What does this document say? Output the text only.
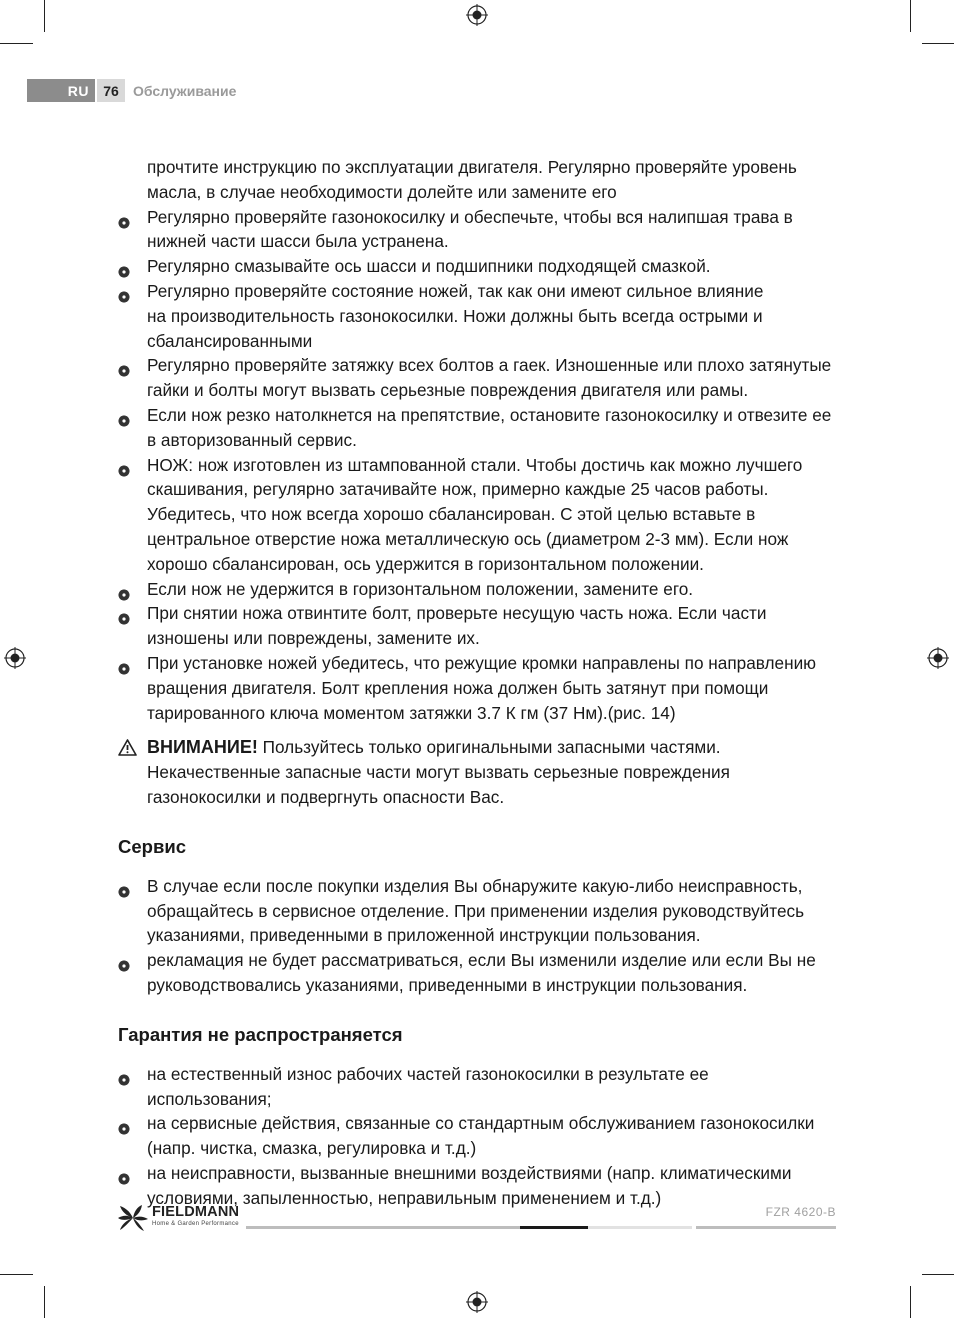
RU	76	Обслуживание
прочтите инструкцию по эксплуатации двигателя. Регулярно проверяйте уровень
масла, в случае необходимости долейте или замените его
Регулярно проверяйте газонокосилку и обеспечьте, чтобы вся налипшая трава в
нижней части шасси была устранена.
Регулярно смазывайте ось шасси и подшипники подходящей смазкой.
Регулярно проверяйте состояние ножей, так как они имеют сильное влияние
на производительность газонокосилки. Ножи должны быть всегда острыми и
сбалансированными
Регулярно проверяйте затяжку всех болтов а гаек. Изношенные или плохо затянутые
гайки и болты могут вызвать серьезные повреждения двигателя или рамы.
Если нож резко натолкнется на препятствие, остановите газонокосилку и отвезите ее
в авторизованный сервис.
НОЖ: нож изготовлен из штампованной стали. Чтобы достичь как можно лучшего
скашивания, регулярно затачивайте нож, примерно каждые 25 часов работы.
Убедитесь, что нож всегда хорошо сбалансирован. С этой целью вставьте в
центральное отверстие ножа металлическую ось (диаметром 2-3 мм). Если нож
хорошо сбалансирован, ось удержится в горизонтальном положении.
Если нож не удержится в горизонтальном положении, замените его.
При снятии ножа отвинтите болт, проверьте несущую часть ножа. Если части
изношены или повреждены, замените их.
При установке ножей убедитесь, что режущие кромки направлены по направлению
вращения двигателя. Болт крепления ножа должен быть затянут при помощи
тарированного ключа моментом затяжки 3.7 К гм (37 Нм).(рис. 14)
ВНИМАНИЕ! Пользуйтесь только оригинальными запасными частями.
Некачественные запасные части могут вызвать серьезные повреждения
газонокосилки и подвергнуть опасности Вас.
Сервис
В случае если после покупки изделия Вы обнаружите какую-либо неисправность,
обращайтесь в сервисное отделение. При применении изделия руководствуйтесь
указаниями, приведенными в приложенной инструкции пользования.
рекламация не будет рассматриваться, если Вы изменили изделие или если Вы не
руководствовались указаниями, приведенными в инструкции пользования.
Гарантия не распространяется
на естественный износ рабочих частей газонокосилки в результате ее использования;
на сервисные действия, связанные со стандартным обслуживанием газонокосилки
(напр. чистка, смазка, регулировка и т.д.)
на неисправности, вызванные внешними воздействиями (напр. климатическими
условиями, запыленностью, неправильным применением и т.д.)
FIELDMANN
Home & Garden Performance
FZR 4620-B
